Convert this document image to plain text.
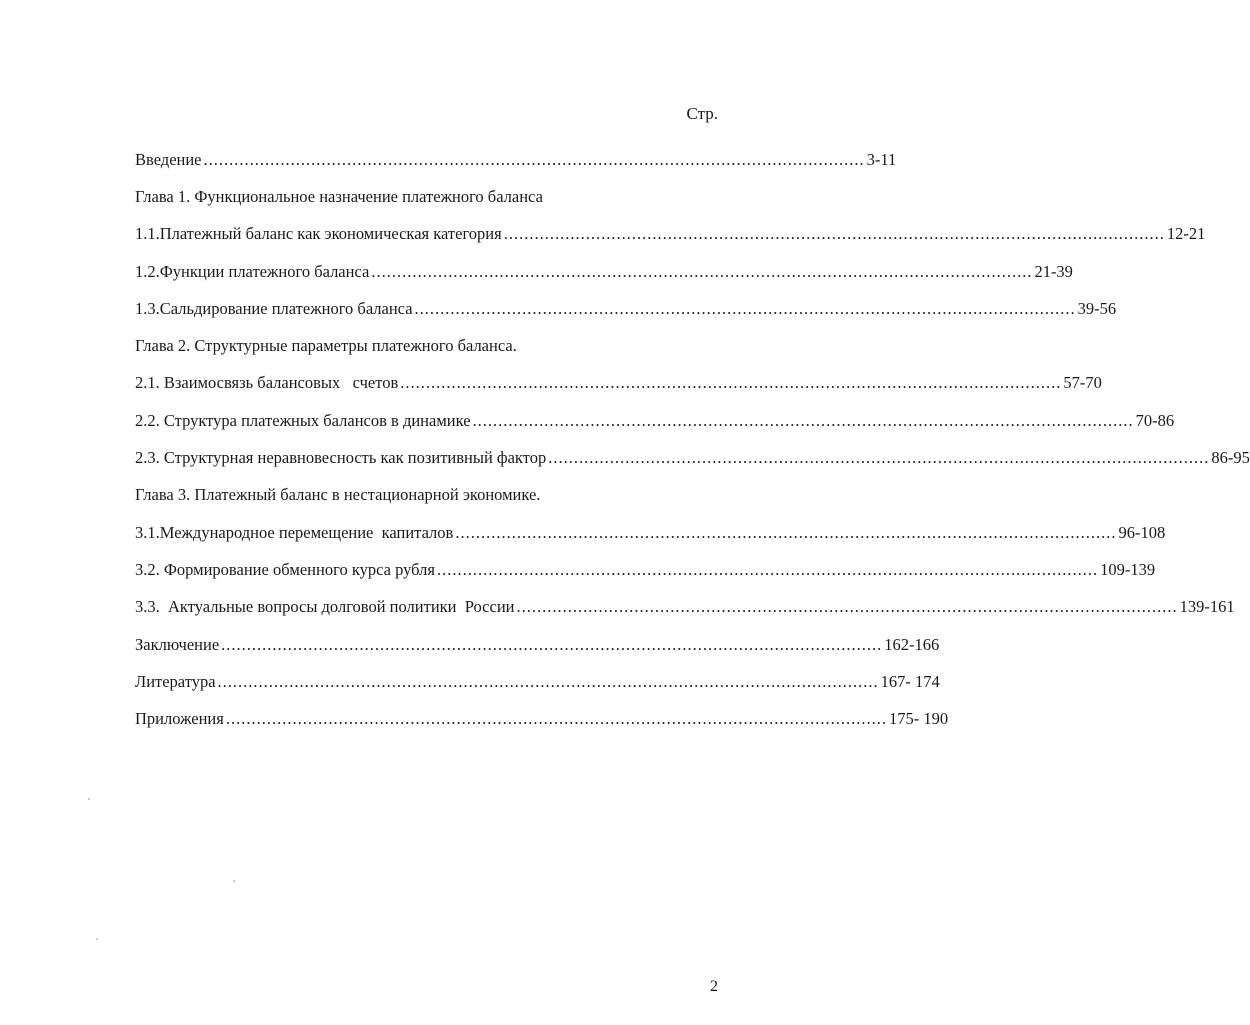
Стр.
Введение ................................................................................................................................. 3-11
Глава 1. Функциональное назначение платежного баланса
1.1.Платежный баланс как экономическая категория ................................................................................................................................. 12-21
1.2.Функции платежного баланса ................................................................................................................................. 21-39
1.3.Сальдирование платежного баланса ................................................................................................................................. 39-56
Глава 2. Структурные параметры платежного баланса.
2.1. Взаимосвязь балансовых   счетов ................................................................................................................................. 57-70
2.2. Структура платежных балансов в динамике ................................................................................................................................. 70-86
2.3. Структурная неравновесность как позитивный фактор ................................................................................................................................. 86-95
Глава 3. Платежный баланс в нестационарной экономике.
3.1.Международное перемещение  капиталов ................................................................................................................................. 96-108
3.2. Формирование обменного курса рубля ................................................................................................................................. 109-139
3.3.  Актуальные вопросы долговой политики  России ................................................................................................................................. 139-161
Заключение ................................................................................................................................. 162-166
Литература ................................................................................................................................. 167- 174
Приложения ................................................................................................................................. 175- 190
2
